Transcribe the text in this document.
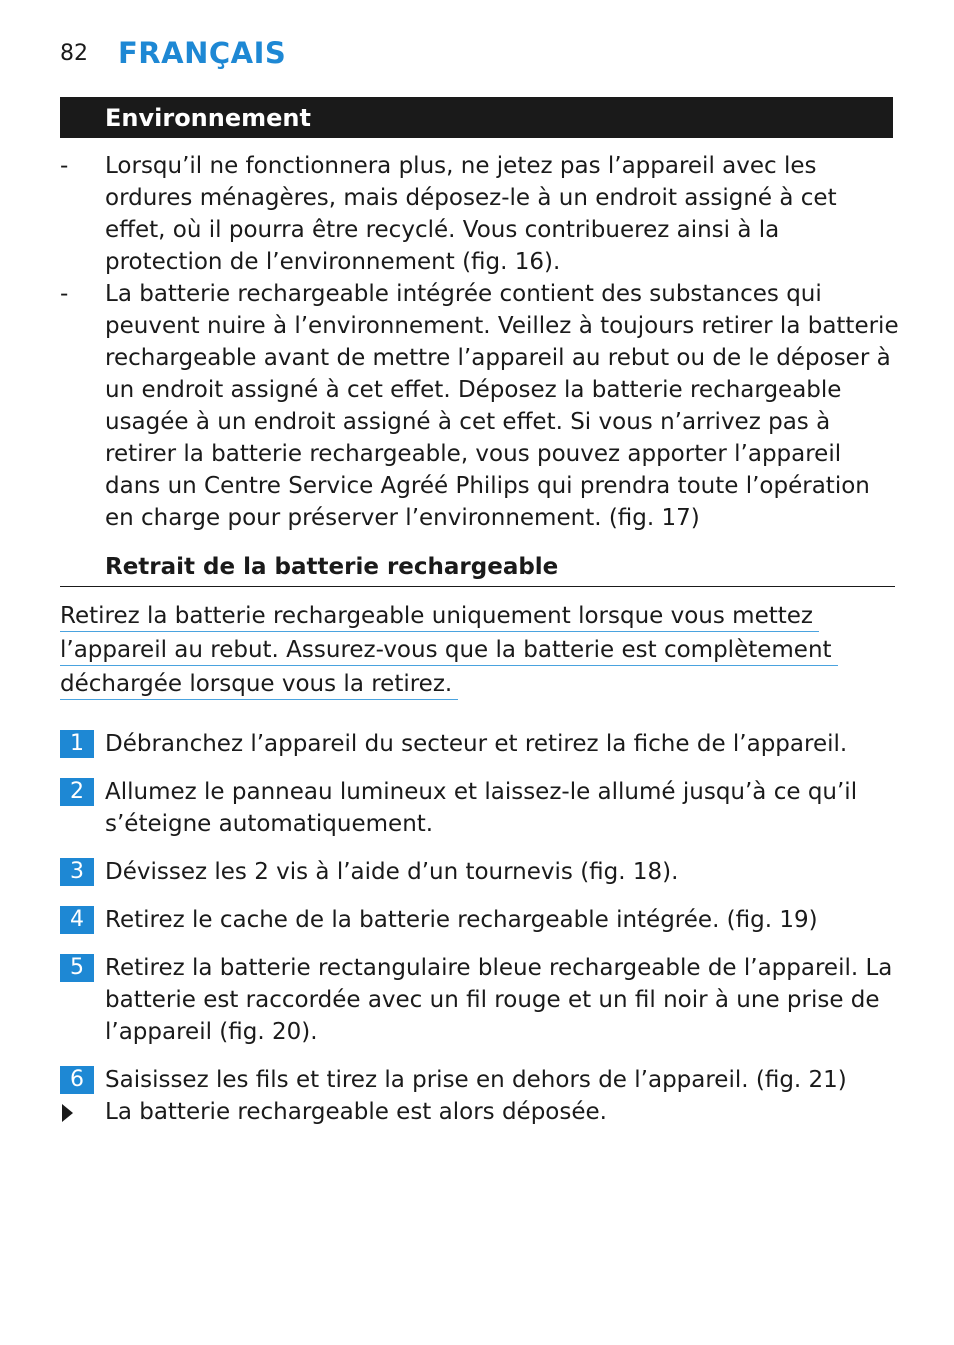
82 FRANÇAIS
Environnement
-	Lorsqu’il ne fonctionnera plus, ne jetez pas l’appareil avec les ordures ménagères, mais déposez-le à un endroit assigné à cet effet, où il pourra être recyclé. Vous contribuerez ainsi à la protection de l’environnement (fig. 16).
-	La batterie rechargeable intégrée contient des substances qui peuvent nuire à l’environnement. Veillez à toujours retirer la batterie rechargeable avant de mettre l’appareil au rebut ou de le déposer à un endroit assigné à cet effet. Déposez la batterie rechargeable usagée à un endroit assigné à cet effet. Si vous n’arrivez pas à retirer la batterie rechargeable, vous pouvez apporter l’appareil dans un Centre Service Agréé Philips qui prendra toute l’opération en charge pour préserver l’environnement. (fig. 17)
Retrait de la batterie rechargeable
Retirez la batterie rechargeable uniquement lorsque vous mettez
l’appareil au rebut. Assurez-vous que la batterie est complètement
déchargée lorsque vous la retirez.
1 Débranchez l’appareil du secteur et retirez la fiche de l’appareil.
2 Allumez le panneau lumineux et laissez-le allumé jusqu’à ce qu’il s’éteigne automatiquement.
3 Dévissez les 2 vis à l’aide d’un tournevis (fig. 18).
4 Retirez le cache de la batterie rechargeable intégrée. (fig. 19)
5 Retirez la batterie rectangulaire bleue rechargeable de l’appareil. La batterie est raccordée avec un fil rouge et un fil noir à une prise de l’appareil (fig. 20).
6 Saisissez les fils et tirez la prise en dehors de l’appareil. (fig. 21)
La batterie rechargeable est alors déposée.
